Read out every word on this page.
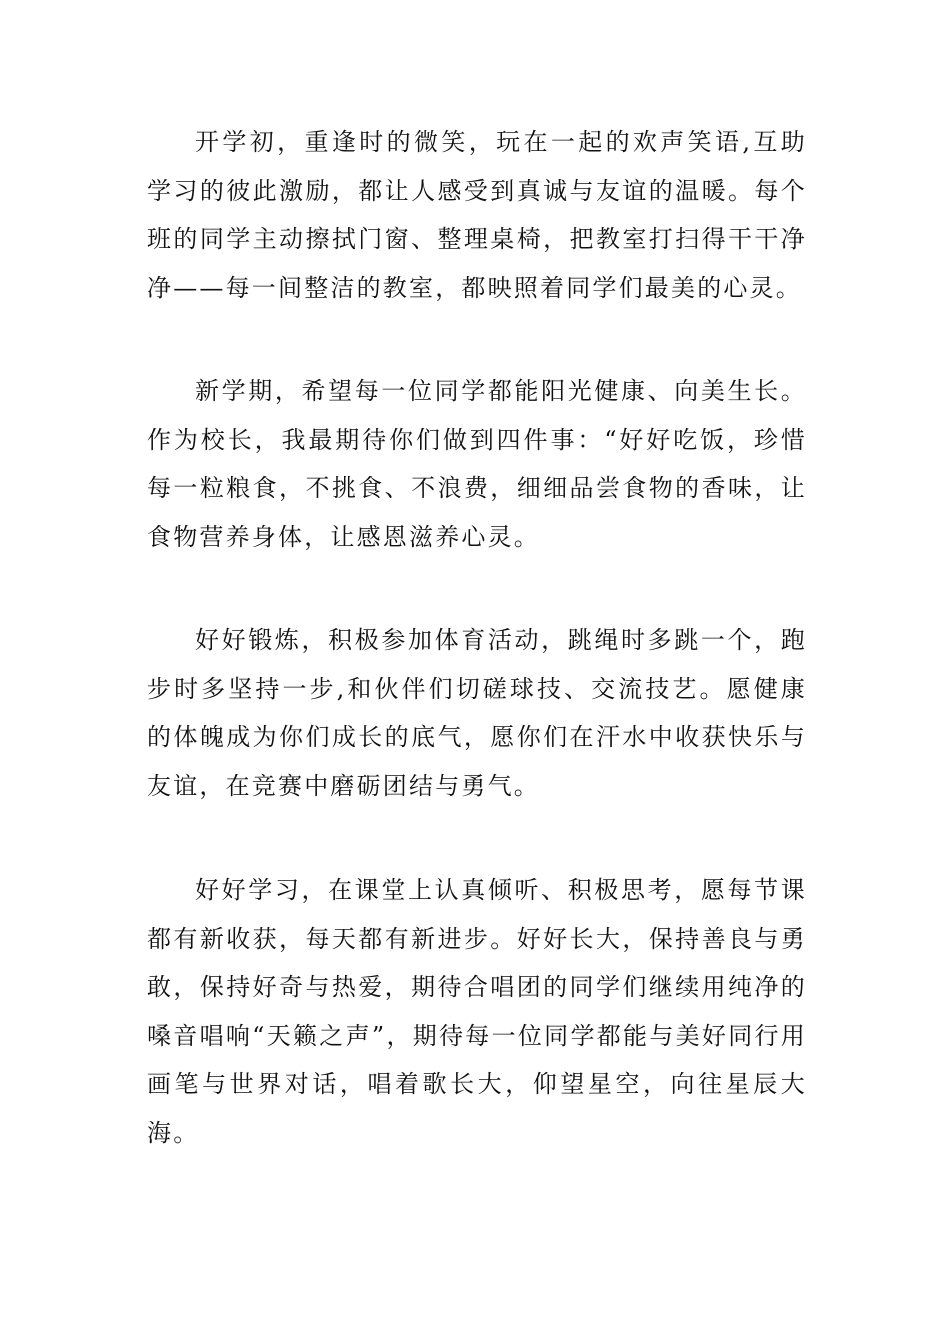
开学初，重逢时的微笑，玩在一起的欢声笑语,互助学习的彼此激励，都让人感受到真诚与友谊的温暖。每个班的同学主动擦拭门窗、整理桌椅，把教室打扫得干干净净——每一间整洁的教室，都映照着同学们最美的心灵。

新学期，希望每一位同学都能阳光健康、向美生长。作为校长，我最期待你们做到四件事：“好好吃饭，珍惜每一粒粮食，不挑食、不浪费，细细品尝食物的香味，让食物营养身体，让感恩滋养心灵。

好好锻炼，积极参加体育活动，跳绳时多跳一个，跑步时多坚持一步,和伙伴们切磋球技、交流技艺。愿健康的体魄成为你们成长的底气，愿你们在汗水中收获快乐与友谊，在竞赛中磨砺团结与勇气。

好好学习，在课堂上认真倾听、积极思考，愿每节课都有新收获，每天都有新进步。好好长大，保持善良与勇敢，保持好奇与热爱，期待合唱团的同学们继续用纯净的嗓音唱响“天籁之声”，期待每一位同学都能与美好同行用画笔与世界对话，唱着歌长大，仰望星空，向往星辰大海。
